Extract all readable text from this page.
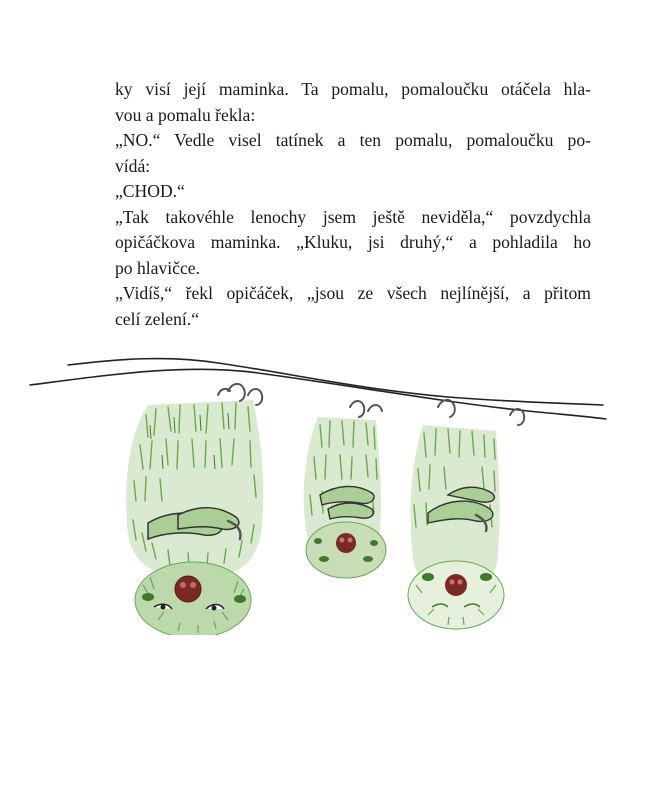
ky visí její maminka. Ta pomalu, pomaloučku otáčela hla-
vou a pomalu řekla:
„NO.“ Vedle visel tatínek a ten pomalu, pomaloučku po-
vídá:
„CHOD.“
„Tak takovéhle lenochy jsem ještě neviděla,“ povzdychla
opičáčkova maminka. „Kluku, jsi druhý,“ a pohladila ho
po hlavičce.
„Vidíš,“ řekl opičáček, „jsou ze všech nejlínější, a přitom
celí zelení.“
